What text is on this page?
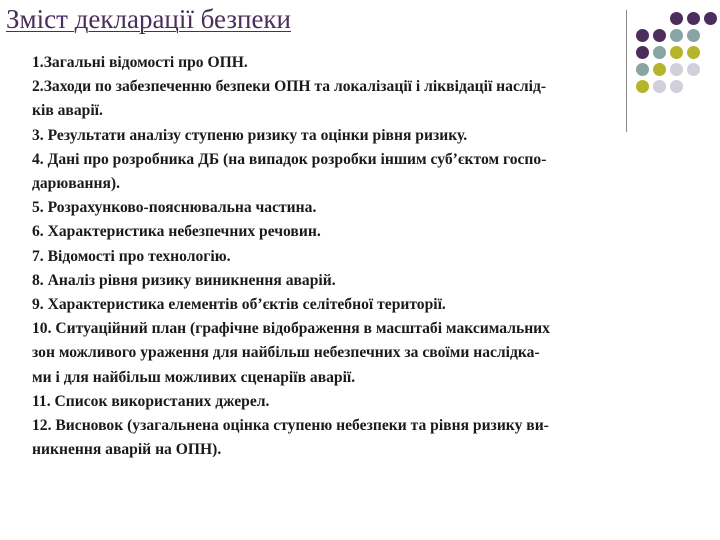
Зміст декларації безпеки
1.Загальні відомості про ОПН.
2.Заходи по забезпеченню безпеки ОПН та локалізації і ліквідації наслід-
ків аварії.
3. Результати аналізу ступеню ризику та оцінки рівня ризику.
4. Дані про розробника ДБ (на випадок розробки іншим суб’єктом госпо-
дарювання).
5. Розрахунково-пояснювальна частина.
6. Характеристика небезпечних речовин.
7. Відомості про технологію.
8. Аналіз рівня ризику виникнення аварій.
9. Характеристика елементів об’єктів селітебної території.
10. Ситуаційний план (графічне відображення в масштабі максимальних
зон можливого ураження для найбільш небезпечних за своїми наслідка-
ми і для найбільш можливих сценаріїв аварії.
11. Список використаних джерел.
12. Висновок (узагальнена оцінка ступеню небезпеки та рівня ризику ви-
никнення аварій на ОПН).
